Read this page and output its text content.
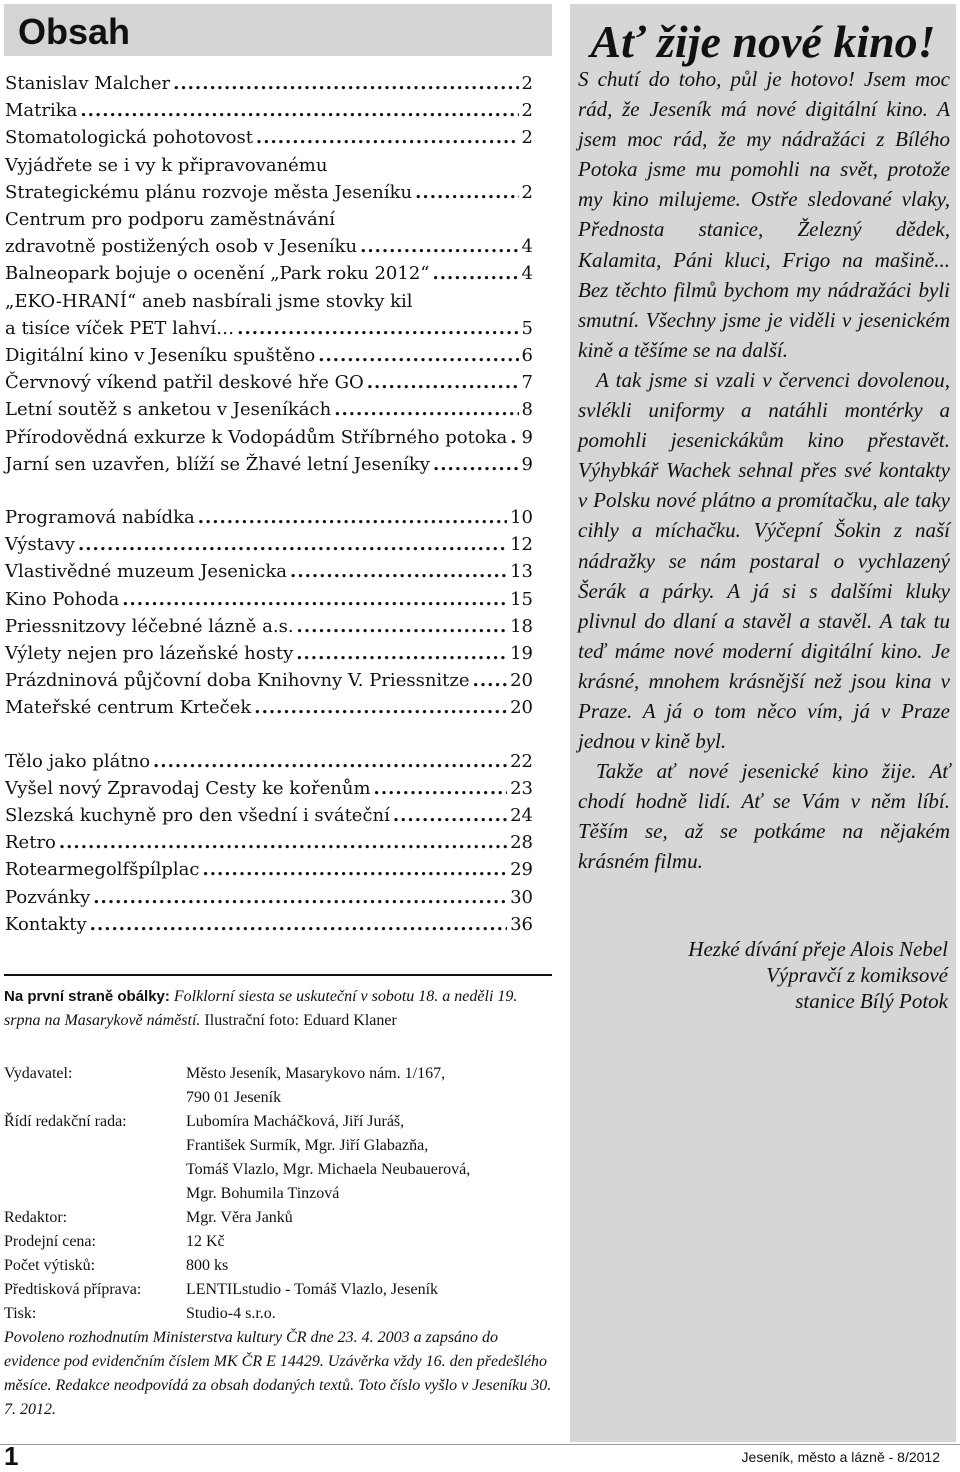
Obsah
Stanislav Malcher .....	2
Matrika .....	2
Stomatologická pohotovost .....	2
Vyjádřete se i vy k připravovanému
Strategickému plánu rozvoje města Jeseníku .....	2
Centrum pro podporu zaměstnávání
zdravotně postižených osob v Jeseníku .....	4
Balneopark bojuje o ocenění „Park roku 2012“ .....	4
„EKO-HRANÍ“ aneb nasbírali jsme stovky kil
a tisíce víček PET lahví… .....	5
Digitální kino v Jeseníku spuštěno .....	6
Červnový víkend patřil deskové hře GO .....	7
Letní soutěž s anketou v Jeseníkách .....	8
Přírodovědná exkurze k Vodopádům Stříbrného potoka ..... 9
Jarní sen uzavřen, blíží se Žhavé letní Jeseníky .....	9
Programová nabídka .....	10
Výstavy .....	12
Vlastivědné muzeum Jesenicka .....	13
Kino Pohoda .....	15
Priessnitzovy léčebné lázně a.s. .....	18
Výlety nejen pro lázeňské hosty .....	19
Prázdninová půjčovní doba Knihovny V. Priessnitze ..... 20
Mateřské centrum Krteček .....	20
Tělo jako plátno .....	22
Vyšel nový Zpravodaj Cesty ke kořenům .....	23
Slezská kuchyně pro den všední i sváteční .....	24
Retro .....	28
Rotearmegolfšpílplac .....	29
Pozvánky .....	30
Kontakty .....	36
Na první straně obálky: Folklorní siesta se uskuteční v sobotu 18. a neděli 19. srpna na Masarykově náměstí. Ilustrační foto: Eduard Klaner
Vydavatel:	Město Jeseník, Masarykovo nám. 1/167,
790 01 Jeseník
Řídí redakční rada:	Lubomíra Macháčková, Jiří Juráš,
František Surmík, Mgr. Jiří Glabazňa,
Tomáš Vlazlo, Mgr. Michaela Neubauerová,
Mgr. Bohumila Tinzová
Redaktor:	Mgr. Věra Janků
Prodejní cena:	12 Kč
Počet výtisků:	800 ks
Předtisková příprava:	LENTILstudio - Tomáš Vlazlo, Jeseník
Tisk:	Studio-4 s.r.o.
Povoleno rozhodnutím Ministerstva kultury ČR dne 23. 4. 2003 a zapsáno do evidence pod evidenčním číslem MK ČR E 14429. Uzávěrka vždy 16. den předešlého měsíce. Redakce neodpovídá za obsah dodaných textů. Toto číslo vyšlo v Jeseníku 30. 7. 2012.
Ať žije nové kino!

S chutí do toho, půl je hotovo! Jsem moc rád, že Jeseník má nové digitální kino. A jsem moc rád, že my nádražáci z Bílého Potoka jsme mu pomohli na svět, protože my kino milujeme. Ostře sledované vlaky, Přednosta stanice, Železný dědek, Kalamita, Páni kluci, Frigo na mašině... Bez těchto filmů bychom my nádražáci byli smutní. Všechny jsme je viděli v jesenickém kině a těšíme se na další.

A tak jsme si vzali v červenci dovolenou, svlékli uniformy a natáhli montérky a pomohli jesenickákům kino přestavět. Výhybkář Wachek sehnal přes své kontakty v Polsku nové plátno a promítačku, ale taky cihly a míchačku. Výčepní Šokin z naší nádražky se nám postaral o vychlazený Šerák a párky. A já si s dalšími kluky plivnul do dlaní a stavěl a stavěl. A tak tu teď máme nové moderní digitální kino. Je krásné, mnohem krásnější než jsou kina v Praze. A já o tom něco vím, já v Praze jednou v kině byl.

Takže ať nové jesenické kino žije. Ať chodí hodně lidí. Ať se Vám v něm líbí. Těším se, až se potkáme na nějakém krásném filmu.

Hezké dívání přeje Alois Nebel
Výpravčí z komiksové
stanice Bílý Potok
1	Jeseník, město a lázně - 8/2012
